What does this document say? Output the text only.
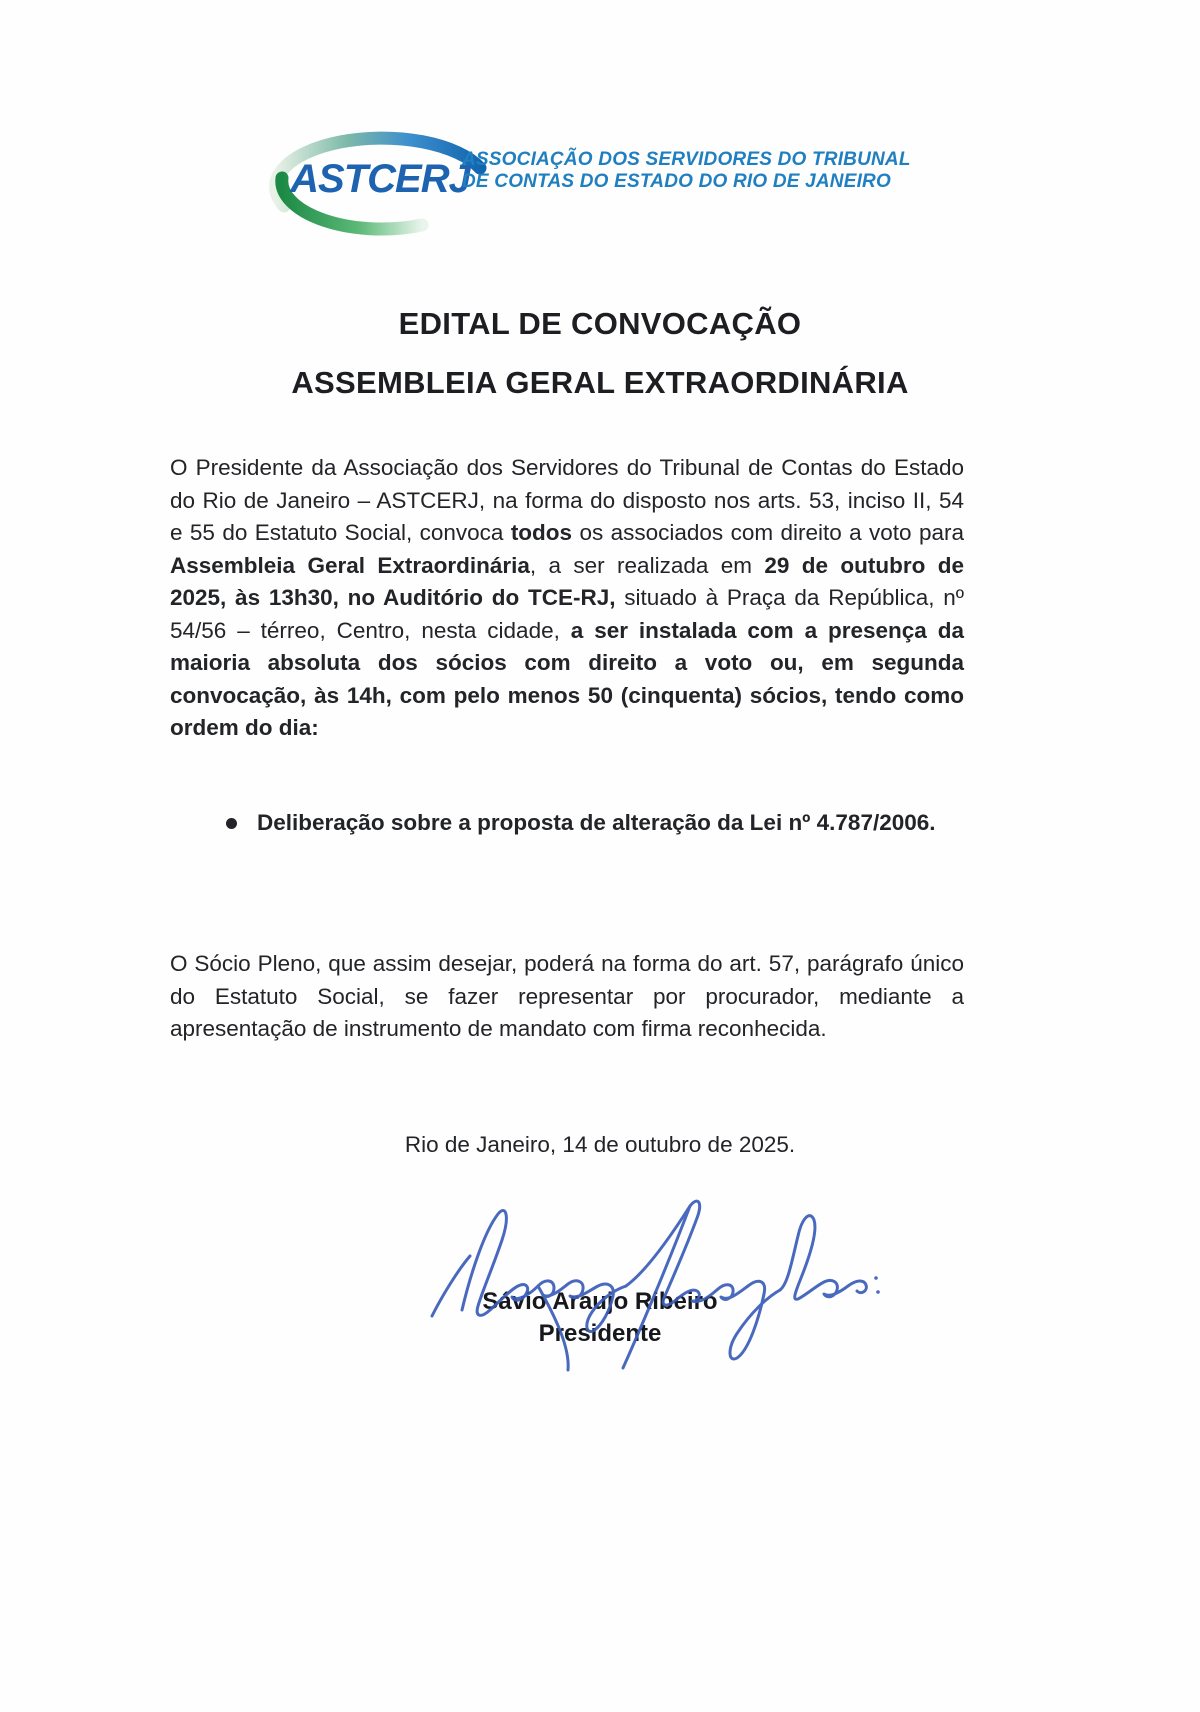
ASTCERJ
ASSOCIAÇÃO DOS SERVIDORES DO TRIBUNAL
DE CONTAS DO ESTADO DO RIO DE JANEIRO
EDITAL DE CONVOCAÇÃO
ASSEMBLEIA GERAL EXTRAORDINÁRIA
O Presidente da Associação dos Servidores do Tribunal de Contas do Estado do Rio de Janeiro – ASTCERJ, na forma do disposto nos arts. 53, inciso II, 54 e 55 do Estatuto Social, convoca todos os associados com direito a voto para Assembleia Geral Extraordinária, a ser realizada em 29 de outubro de 2025, às 13h30, no Auditório do TCE-RJ, situado à Praça da República, nº 54/56 – térreo, Centro, nesta cidade, a ser instalada com a presença da maioria absoluta dos sócios com direito a voto ou, em segunda convocação, às 14h, com pelo menos 50 (cinquenta) sócios, tendo como ordem do dia:
Deliberação sobre a proposta de alteração da Lei nº 4.787/2006.
O Sócio Pleno, que assim desejar, poderá na forma do art. 57, parágrafo único do Estatuto Social, se fazer representar por procurador, mediante a apresentação de instrumento de mandato com firma reconhecida.
Rio de Janeiro, 14 de outubro de 2025.
Sávio Araujo Ribeiro
Presidente
